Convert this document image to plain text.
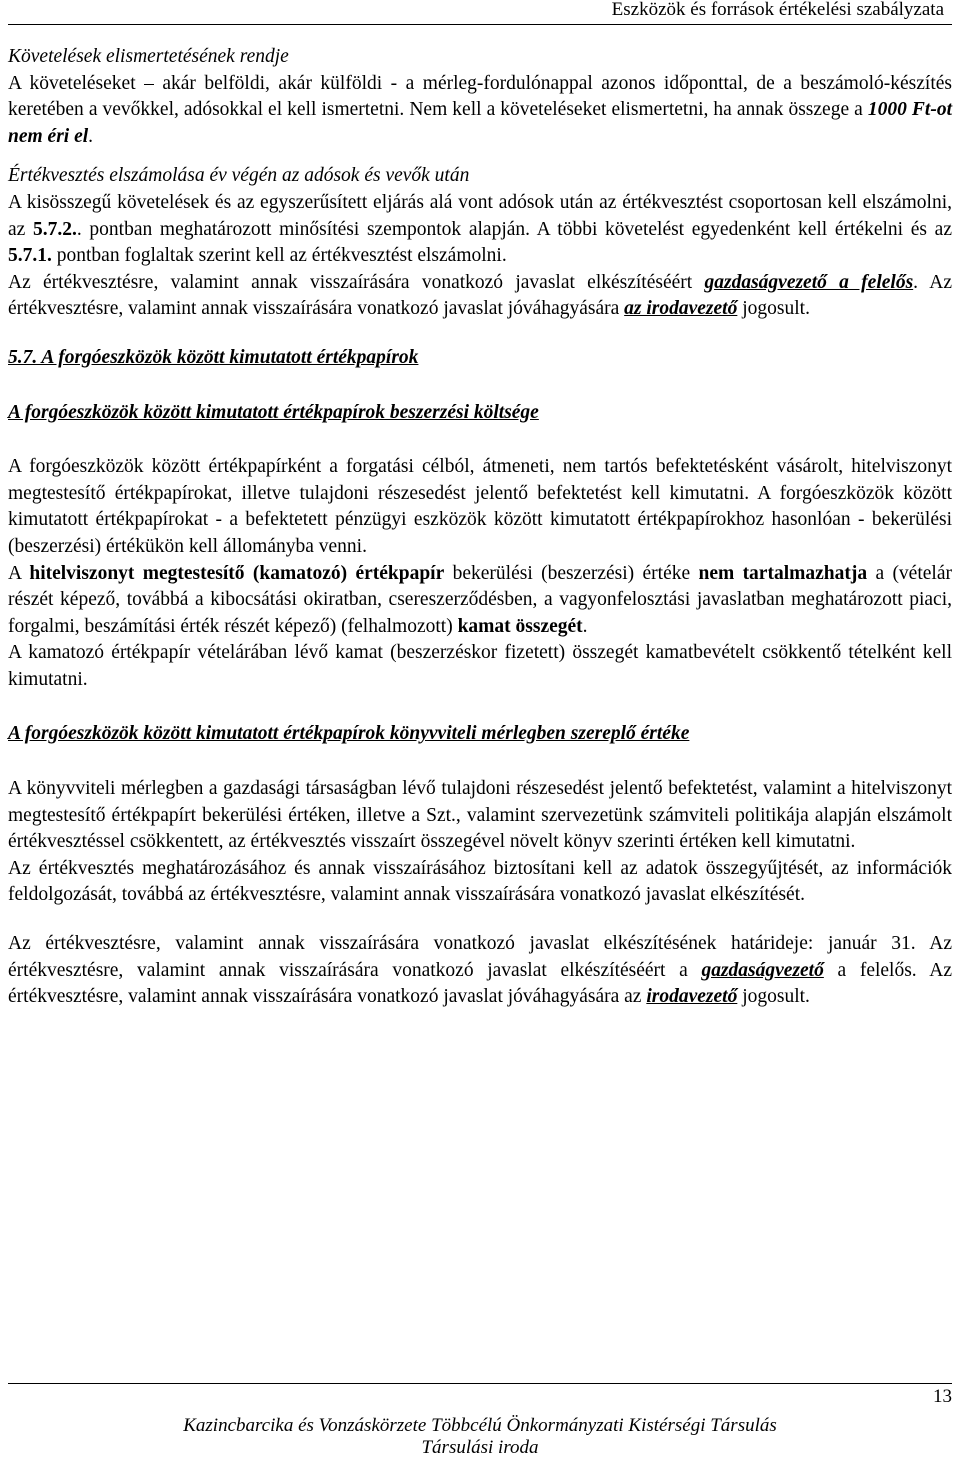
Eszközök és források értékelési szabályzata

Követelések elismertetésének rendje

A követeléseket – akár belföldi, akár külföldi - a mérleg-fordulónappal azonos időponttal, de a beszámoló-készítés keretében a vevőkkel, adósokkal el kell ismertetni. Nem kell a követeléseket elismertetni, ha annak összege a 1000 Ft-ot nem éri el.

Értékvesztés elszámolása év végén az adósok és vevők után

A kisösszegű követelések és az egyszerűsített eljárás alá vont adósok után az értékvesztést csoportosan kell elszámolni, az 5.7.2.. pontban meghatározott minősítési szempontok alapján. A többi követelést egyedenként kell értékelni és az 5.7.1. pontban foglaltak szerint kell az értékvesztést elszámolni.

Az értékvesztésre, valamint annak visszaírására vonatkozó javaslat elkészítéséért gazdaságvezető a felelős. Az értékvesztésre, valamint annak visszaírására vonatkozó javaslat jóváhagyására az irodavezető jogosult.

5.7. A forgóeszközök között kimutatott értékpapírok

A forgóeszközök között kimutatott értékpapírok beszerzési költsége

A forgóeszközök között értékpapírként a forgatási célból, átmeneti, nem tartós befektetésként vásárolt, hitelviszonyt megtestesítő értékpapírokat, illetve tulajdoni részesedést jelentő befektetést kell kimutatni. A forgóeszközök között kimutatott értékpapírokat - a befektetett pénzügyi eszközök között kimutatott értékpapírokhoz hasonlóan - bekerülési (beszerzési) értékükön kell állományba venni.

A hitelviszonyt megtestesítő (kamatozó) értékpapír bekerülési (beszerzési) értéke nem tartalmazhatja a (vételár részét képező, továbbá a kibocsátási okiratban, csereszerződésben, a vagyonfelosztási javaslatban meghatározott piaci, forgalmi, beszámítási érték részét képező) (felhalmozott) kamat összegét.

A kamatozó értékpapír vételárában lévő kamat (beszerzéskor fizetett) összegét kamatbevételt csökkentő tételként kell kimutatni.

A forgóeszközök között kimutatott értékpapírok könyvviteli mérlegben szereplő értéke

A könyvviteli mérlegben a gazdasági társaságban lévő tulajdoni részesedést jelentő befektetést, valamint a hitelviszonyt megtestesítő értékpapírt bekerülési értéken, illetve a Szt., valamint szervezetünk számviteli politikája alapján elszámolt értékvesztéssel csökkentett, az értékvesztés visszaírt összegével növelt könyv szerinti értéken kell kimutatni.

Az értékvesztés meghatározásához és annak visszaírásához biztosítani kell az adatok összegyűjtését, az információk feldolgozását, továbbá az értékvesztésre, valamint annak visszaírására vonatkozó javaslat elkészítését.

Az értékvesztésre, valamint annak visszaírására vonatkozó javaslat elkészítésének határideje: január 31. Az értékvesztésre, valamint annak visszaírására vonatkozó javaslat elkészítéséért a gazdaságvezető a felelős. Az értékvesztésre, valamint annak visszaírására vonatkozó javaslat jóváhagyására az irodavezető jogosult.

13
Kazincbarcika és Vonzáskörzete Többcélú Önkormányzati Kistérségi Társulás
Társulási iroda
